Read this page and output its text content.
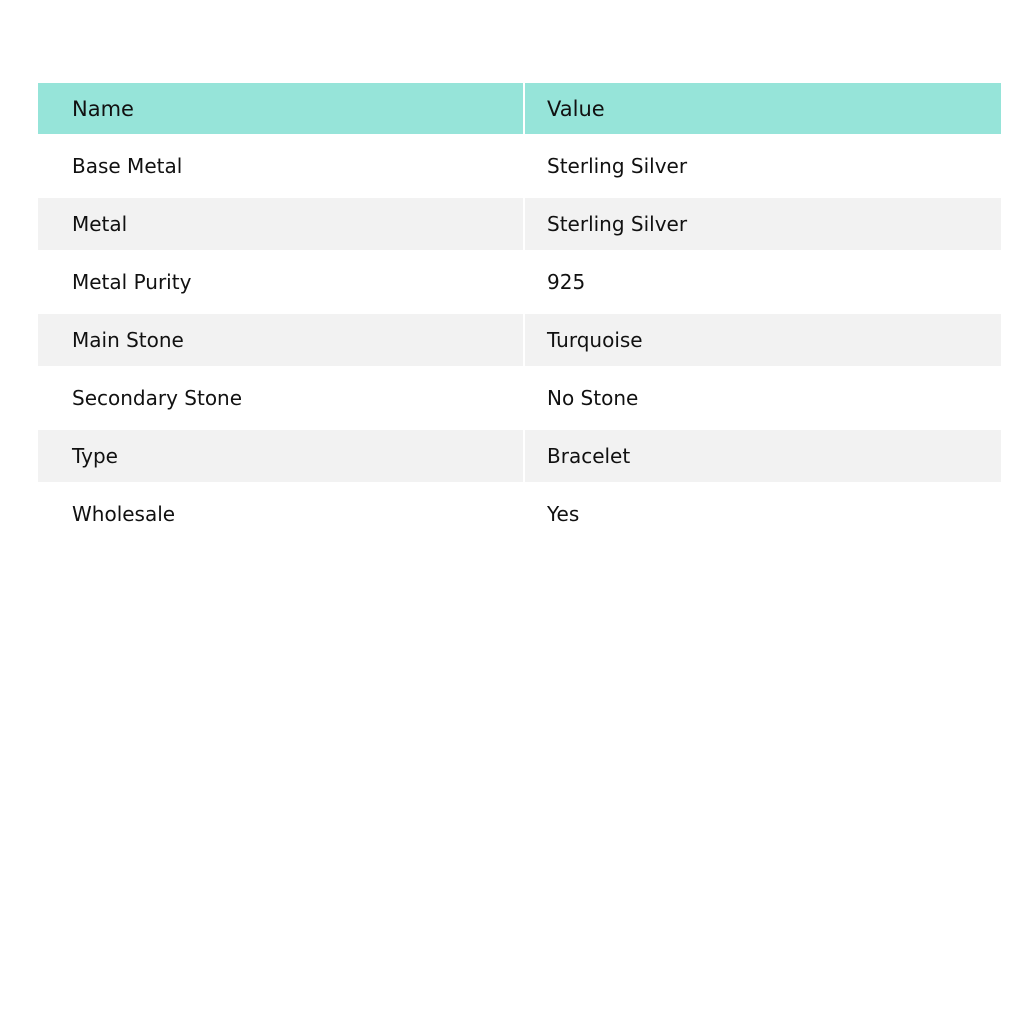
Name	Value
Base Metal	Sterling Silver
Metal	Sterling Silver
Metal Purity	925
Main Stone	Turquoise
Secondary Stone	No Stone
Type	Bracelet
Wholesale	Yes
